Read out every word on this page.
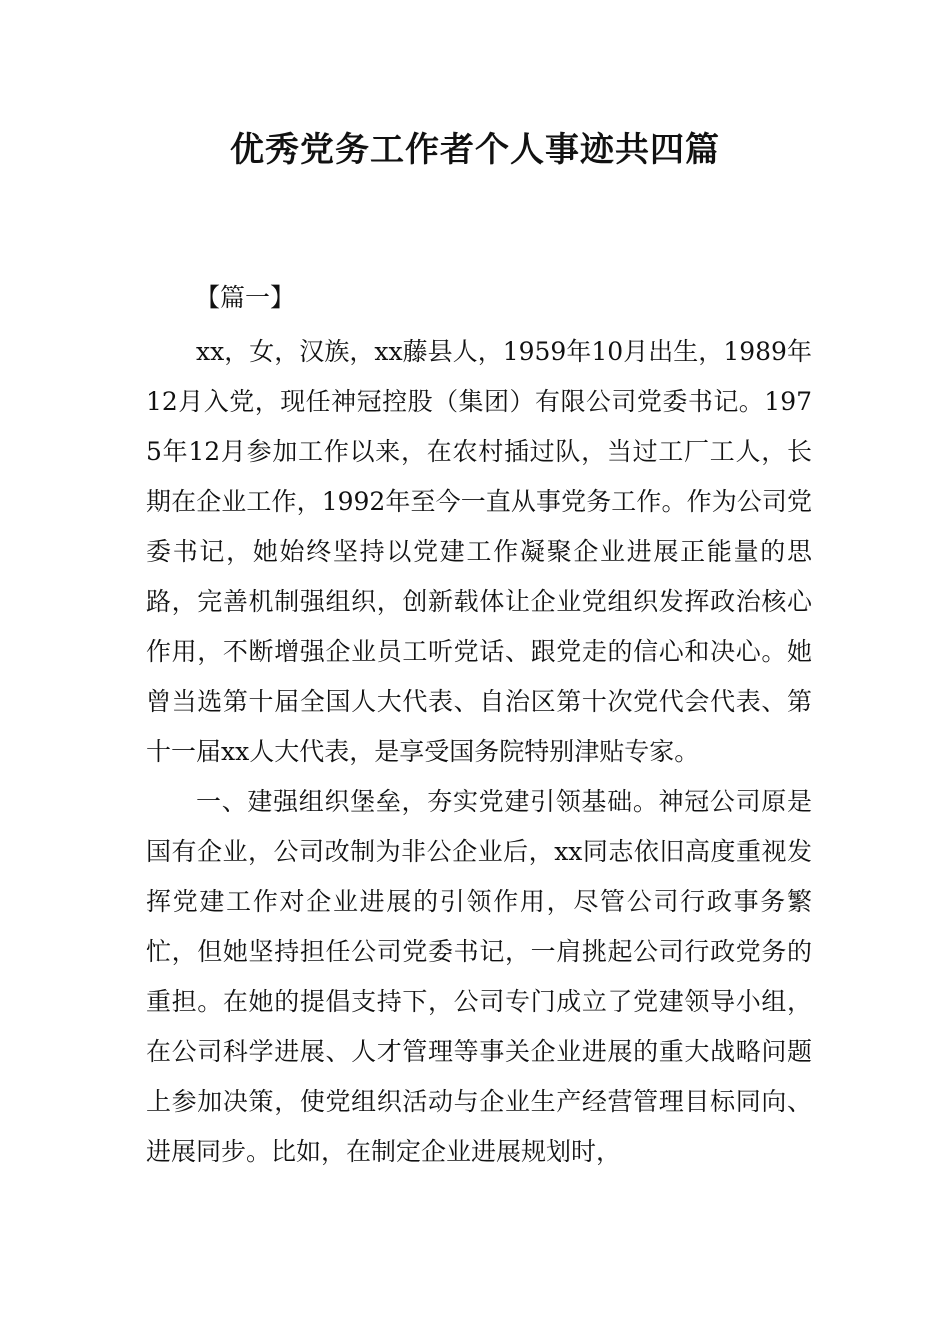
优秀党务工作者个人事迹共四篇
【篇一】

xx，女，汉族，xx藤县人，1959年10月出生，1989年12月入党，现任神冠控股（集团）有限公司党委书记。1975年12月参加工作以来，在农村插过队，当过工厂工人，长期在企业工作，1992年至今一直从事党务工作。作为公司党委书记，她始终坚持以党建工作凝聚企业进展正能量的思路，完善机制强组织，创新载体让企业党组织发挥政治核心作用，不断增强企业员工听党话、跟党走的信心和决心。她曾当选第十届全国人大代表、自治区第十次党代会代表、第十一届xx人大代表，是享受国务院特别津贴专家。

一、建强组织堡垒，夯实党建引领基础。神冠公司原是国有企业，公司改制为非公企业后，xx同志依旧高度重视发挥党建工作对企业进展的引领作用，尽管公司行政事务繁忙，但她坚持担任公司党委书记，一肩挑起公司行政党务的重担。在她的提倡支持下，公司专门成立了党建领导小组，在公司科学进展、人才管理等事关企业进展的重大战略问题上参加决策，使党组织活动与企业生产经营管理目标同向、进展同步。比如，在制定企业进展规划时，
